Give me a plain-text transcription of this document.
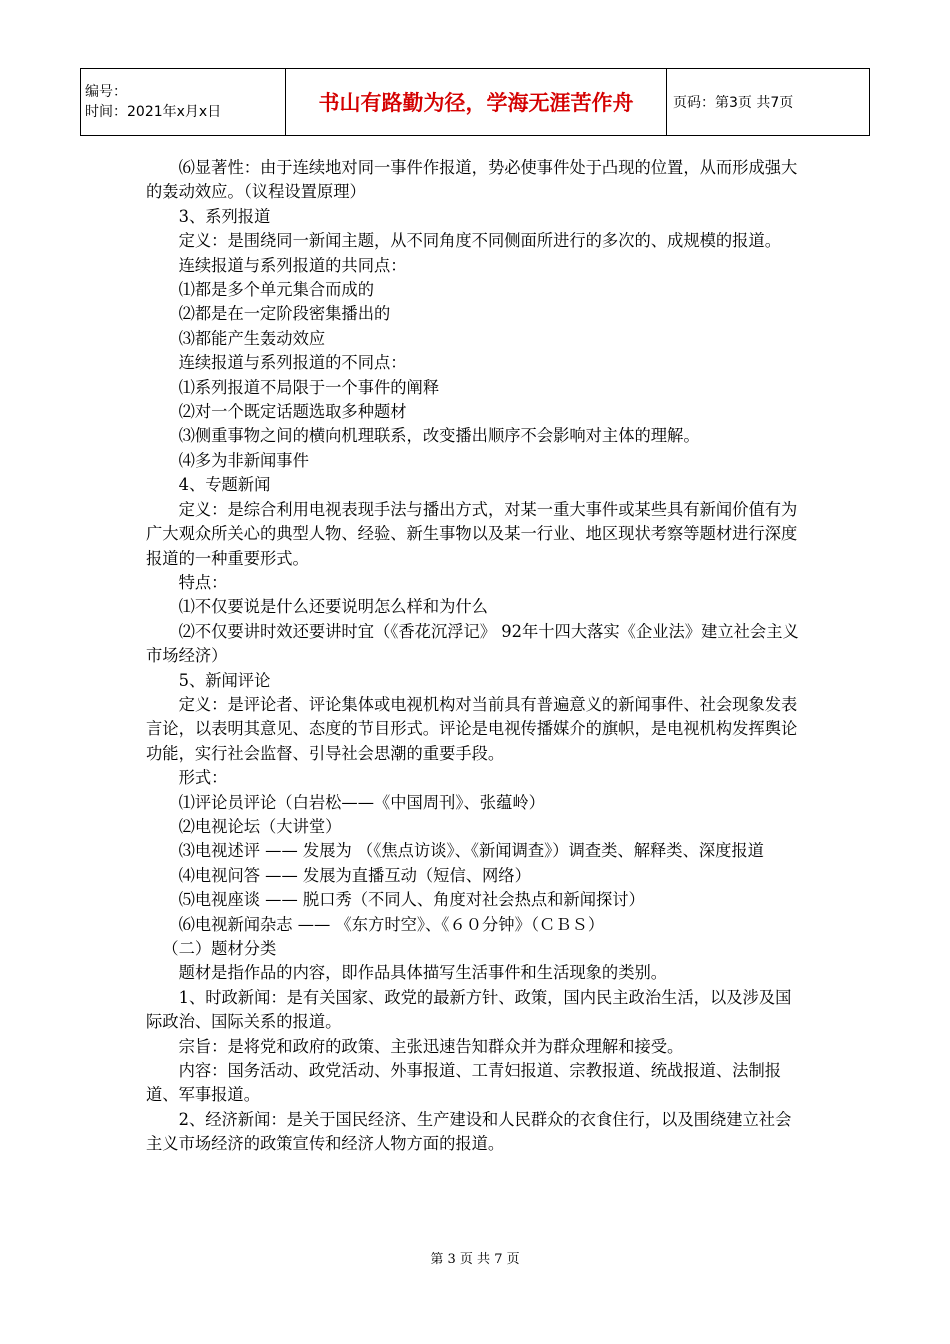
编号：
时间：2021年x月x日	书山有路勤为径，学海无涯苦作舟	页码：第3页 共7页

⑹显著性：由于连续地对同一事件作报道，势必使事件处于凸现的位置，从而形成强大的轰动效应。（议程设置原理）

3、系列报道

定义：是围绕同一新闻主题，从不同角度不同侧面所进行的多次的、成规模的报道。

连续报道与系列报道的共同点：

⑴都是多个单元集合而成的

⑵都是在一定阶段密集播出的

⑶都能产生轰动效应

连续报道与系列报道的不同点：

⑴系列报道不局限于一个事件的阐释

⑵对一个既定话题选取多种题材

⑶侧重事物之间的横向机理联系，改变播出顺序不会影响对主体的理解。

⑷多为非新闻事件

4、专题新闻

定义：是综合利用电视表现手法与播出方式，对某一重大事件或某些具有新闻价值有为广大观众所关心的典型人物、经验、新生事物以及某一行业、地区现状考察等题材进行深度报道的一种重要形式。

特点：

⑴不仅要说是什么还要说明怎么样和为什么

⑵不仅要讲时效还要讲时宜（《香花沉浮记》 92年十四大落实《企业法》建立社会主义市场经济）

5、新闻评论

定义：是评论者、评论集体或电视机构对当前具有普遍意义的新闻事件、社会现象发表言论，以表明其意见、态度的节目形式。评论是电视传播媒介的旗帜，是电视机构发挥舆论功能，实行社会监督、引导社会思潮的重要手段。

形式：

⑴评论员评论（白岩松——《中国周刊》、张蕴岭）

⑵电视论坛（大讲堂）

⑶电视述评 —— 发展为 （《焦点访谈》、《新闻调查》）调查类、解释类、深度报道

⑷电视问答 —— 发展为直播互动（短信、网络）

⑸电视座谈 —— 脱口秀（不同人、角度对社会热点和新闻探讨）

⑹电视新闻杂志 —— 《东方时空》、《６０分钟》（ＣＢＳ）

（二）题材分类

题材是指作品的内容，即作品具体描写生活事件和生活现象的类别。

1、时政新闻：是有关国家、政党的最新方针、政策，国内民主政治生活，以及涉及国际政治、国际关系的报道。

宗旨：是将党和政府的政策、主张迅速告知群众并为群众理解和接受。

内容：国务活动、政党活动、外事报道、工青妇报道、宗教报道、统战报道、法制报道、军事报道。

2、经济新闻：是关于国民经济、生产建设和人民群众的衣食住行，以及围绕建立社会主义市场经济的政策宣传和经济人物方面的报道。

第 3 页 共 7 页
